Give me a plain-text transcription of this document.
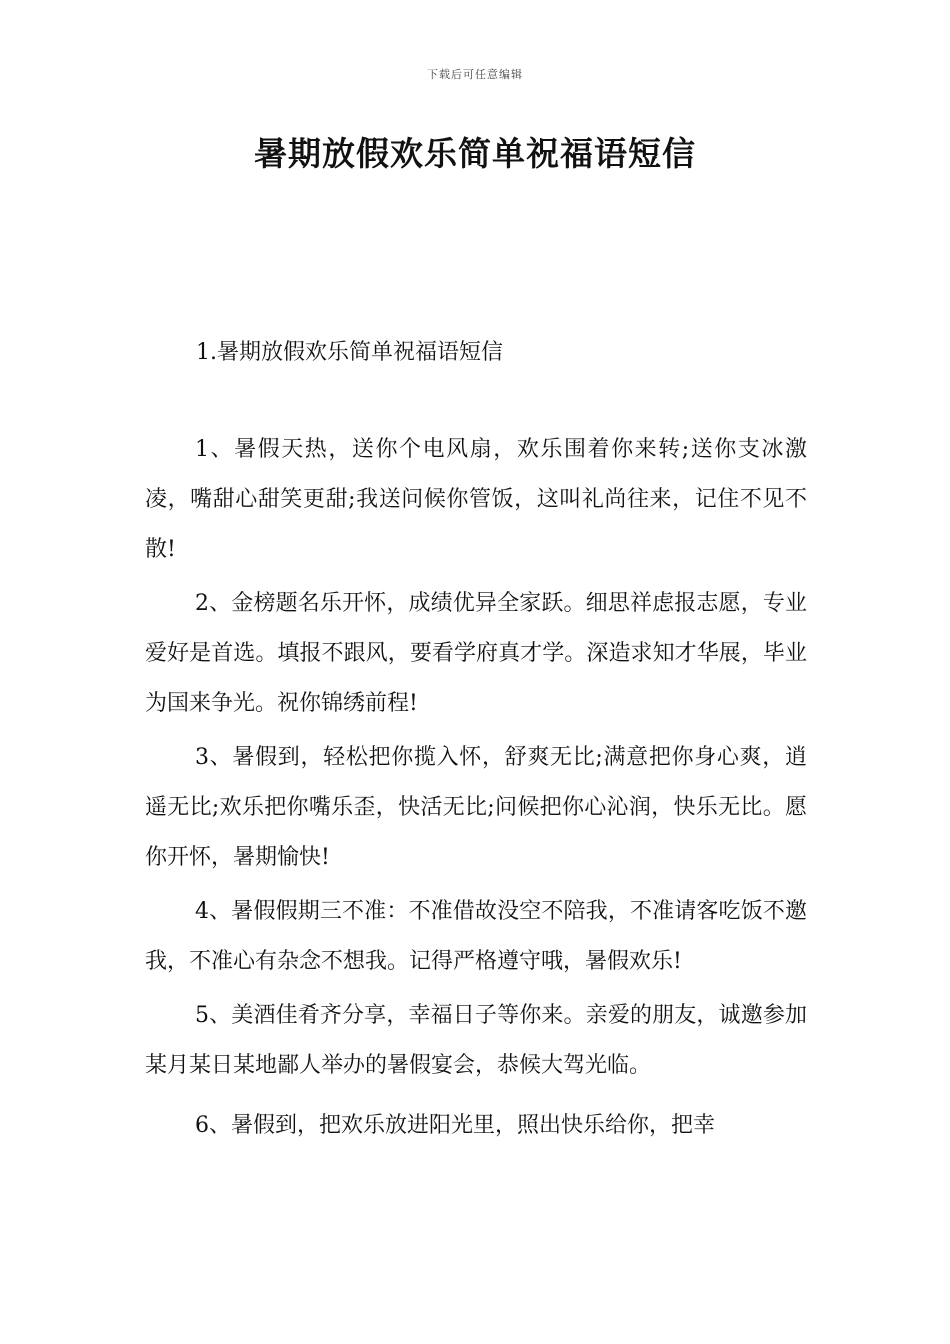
下载后可任意编辑
暑期放假欢乐简单祝福语短信
1.暑期放假欢乐简单祝福语短信

1、暑假天热，送你个电风扇，欢乐围着你来转;送你支冰激凌，嘴甜心甜笑更甜;我送问候你管饭，这叫礼尚往来，记住不见不散!

2、金榜题名乐开怀，成绩优异全家跃。细思祥虑报志愿，专业爱好是首选。填报不跟风，要看学府真才学。深造求知才华展，毕业为国来争光。祝你锦绣前程!

3、暑假到，轻松把你揽入怀，舒爽无比;满意把你身心爽，逍遥无比;欢乐把你嘴乐歪，快活无比;问候把你心沁润，快乐无比。愿你开怀，暑期愉快!

4、暑假假期三不准：不准借故没空不陪我，不准请客吃饭不邀我，不准心有杂念不想我。记得严格遵守哦，暑假欢乐!

5、美酒佳肴齐分享，幸福日子等你来。亲爱的朋友，诚邀参加某月某日某地鄙人举办的暑假宴会，恭候大驾光临。

6、暑假到，把欢乐放进阳光里，照出快乐给你，把幸
